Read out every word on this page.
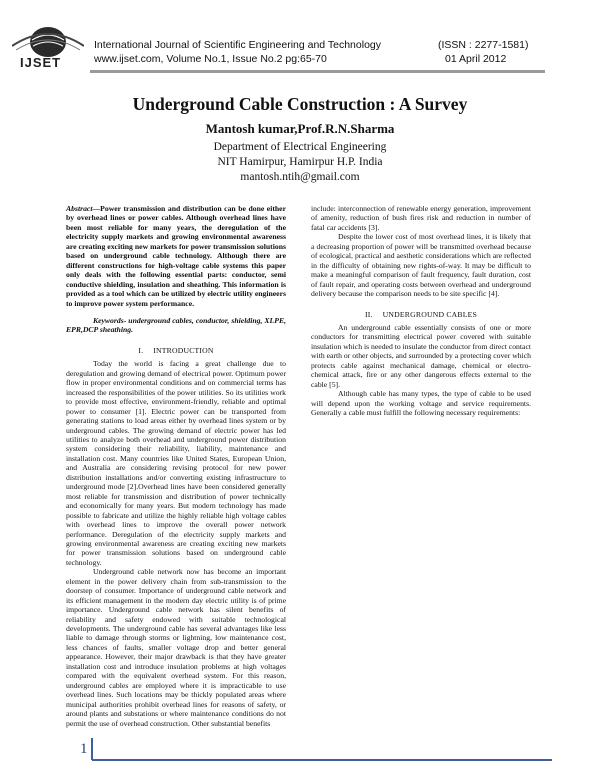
IJSET
International Journal of Scientific Engineering and Technology	(ISSN : 2277-1581)
www.ijset.com, Volume No.1, Issue No.2 pg:65-70	01 April 2012
Underground Cable Construction : A Survey
Mantosh kumar,Prof.R.N.Sharma
Department of Electrical Engineering
NIT Hamirpur, Hamirpur H.P. India
mantosh.ntih@gmail.com

Abstract—Power transmission and distribution can be done either by overhead lines or power cables. Although overhead lines have been most reliable for many years, the deregulation of the electricity supply markets and growing environmental awareness are creating exciting new markets for power transmission solutions based on underground cable technology. Although there are different constructions for high-voltage cable systems this paper only deals with the following essential parts: conductor, semi conductive shielding, insulation and sheathing. This information is provided as a tool which can be utilized by electric utility engineers to improve power system performance.

Keywords- underground cables, conductor, shielding, XLPE, EPR,DCP sheathing.

I. INTRODUCTION

Today the world is facing a great challenge due to deregulation and growing demand of electrical power. Optimum power flow in proper environmental conditions and on commercial terms has increased the responsibilities of the power utilities. So its utilities work to provide most effective, environment-friendly, reliable and optimal power to consumer [1]. Electric power can be transported from generating stations to load areas either by overhead lines system or by underground cables. The growing demand of electric power has led utilities to analyze both overhead and underground power distribution system considering their reliability, liability, maintenance and installation cost. Many countries like United States, European Union, and Australia are considering revising protocol for new power distribution installations and/or converting existing infrastructure to underground mode [2].Overhead lines have been considered generally most reliable for transmission and distribution of power technically and economically for many years. But modern technology has made possible to fabricate and utilize the highly reliable high voltage cables with overhead lines to improve the overall power network performance. Deregulation of the electricity supply markets and growing environmental awareness are creating exciting new markets for power transmission solutions based on underground cable technology.

Underground cable network now has become an important element in the power delivery chain from sub-transmission to the doorstep of consumer. Importance of underground cable network and its efficient management in the modern day electric utility is of prime importance. Underground cable network has silent benefits of reliability and safety endowed with suitable technological developments. The underground cable has several advantages like less liable to damage through storms or lightning, low maintenance cost, less chances of faults, smaller voltage drop and better general appearance. However, their major drawback is that they have greater installation cost and introduce insulation problems at high voltages compared with the equivalent overhead system. For this reason, underground cables are employed where it is impracticable to use overhead lines. Such locations may be thickly populated areas where municipal authorities prohibit overhead lines for reasons of safety, or around plants and substations or where maintenance conditions do not permit the use of overhead construction. Other substantial benefits

include: interconnection of renewable energy generation, improvement of amenity, reduction of bush fires risk and reduction in number of fatal car accidents [3].

Despite the lower cost of most overhead lines, it is likely that a decreasing proportion of power will be transmitted overhead because of ecological, practical and aesthetic considerations which are reflected in the difficulty of obtaining new rights-of-way. It may be difficult to make a meaningful comparison of fault frequency, fault duration, cost of fault repair, and operating costs between overhead and underground delivery because the comparison needs to be site specific [4].

II. UNDERGROUND CABLES

An underground cable essentially consists of one or more conductors for transmitting electrical power covered with suitable insulation which is needed to insulate the conductor from direct contact with earth or other objects, and surrounded by a protecting cover which protects cable against mechanical damage, chemical or electro-chemical attack, fire or any other dangerous effects external to the cable [5].

Although cable has many types, the type of cable to be used will depend upon the working voltage and service requirements. Generally a cable must fulfill the following necessary requirements:

1
